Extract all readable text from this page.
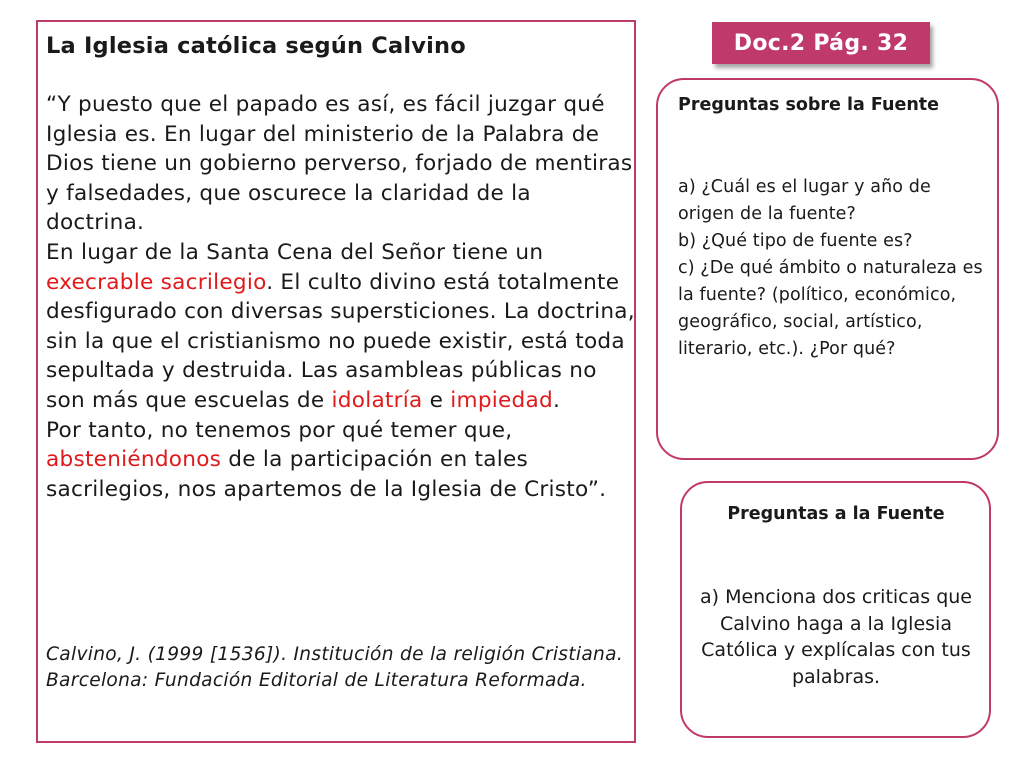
La Iglesia católica según Calvino

“Y puesto que el papado es así, es fácil juzgar qué Iglesia es. En lugar del ministerio de la Palabra de Dios tiene un gobierno perverso, forjado de mentiras y falsedades, que oscurece la claridad de la doctrina.
En lugar de la Santa Cena del Señor tiene un execrable sacrilegio. El culto divino está totalmente desfigurado con diversas supersticiones. La doctrina, sin la que el cristianismo no puede existir, está toda sepultada y destruida. Las asambleas públicas no son más que escuelas de idolatría e impiedad.
Por tanto, no tenemos por qué temer que, absteniéndonos de la participación en tales sacrilegios, nos apartemos de la Iglesia de Cristo”.

Calvino, J. (1999 [1536]). Institución de la religión Cristiana. Barcelona: Fundación Editorial de Literatura Reformada.

Doc.2 Pág. 32

Preguntas sobre la Fuente

a) ¿Cuál es el lugar y año de origen de la fuente?
b) ¿Qué tipo de fuente es?
c) ¿De qué ámbito o naturaleza es la fuente? (político, económico, geográfico, social, artístico, literario, etc.). ¿Por qué?

Preguntas a la Fuente

a) Menciona dos criticas que Calvino haga a la Iglesia Católica y explícalas con tus palabras.
